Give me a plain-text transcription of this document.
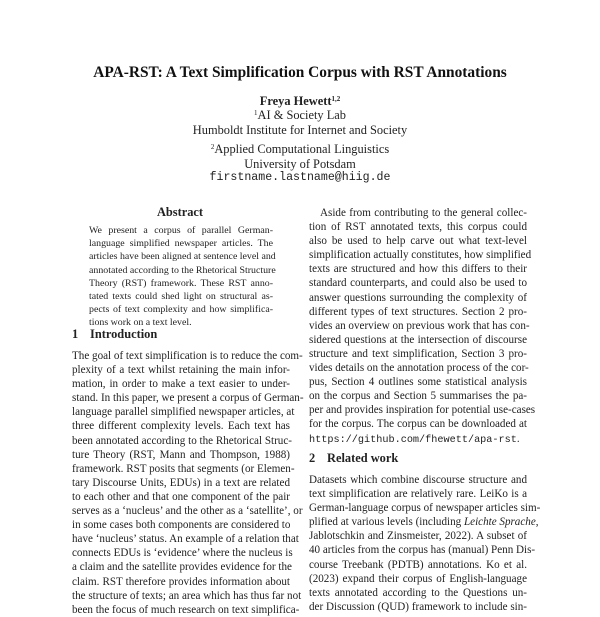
APA-RST: A Text Simplification Corpus with RST Annotations
Freya Hewett$^{1,2}$
$^1$AI & Society Lab
Humboldt Institute for Internet and Society
$^2$Applied Computational Linguistics
University of Potsdam
firstname.lastname@hiig.de
Abstract
We present a corpus of parallel German-
language simplified newspaper articles. The
articles have been aligned at sentence level and
annotated according to the Rhetorical Structure
Theory (RST) framework. These RST anno-
tated texts could shed light on structural as-
pects of text complexity and how simplifica-
tions work on a text level.
1 Introduction
The goal of text simplification is to reduce the com-
plexity of a text whilst retaining the main infor-
mation, in order to make a text easier to under-
stand. In this paper, we present a corpus of German-
language parallel simplified newspaper articles, at
three different complexity levels. Each text has
been annotated according to the Rhetorical Struc-
ture Theory (RST, Mann and Thompson, 1988)
framework. RST posits that segments (or Elemen-
tary Discourse Units, EDUs) in a text are related
to each other and that one component of the pair
serves as a ‘nucleus’ and the other as a ‘satellite’, or
in some cases both components are considered to
have ‘nucleus’ status. An example of a relation that
connects EDUs is ‘evidence’ where the nucleus is
a claim and the satellite provides evidence for the
claim. RST therefore provides information about
the structure of texts; an area which has thus far not
been the focus of much research on text simplifica-
Aside from contributing to the general collec-
tion of RST annotated texts, this corpus could
also be used to help carve out what text-level
simplification actually constitutes, how simplified
texts are structured and how this differs to their
standard counterparts, and could also be used to
answer questions surrounding the complexity of
different types of text structures. Section 2 pro-
vides an overview on previous work that has con-
sidered questions at the intersection of discourse
structure and text simplification, Section 3 pro-
vides details on the annotation process of the cor-
pus, Section 4 outlines some statistical analysis
on the corpus and Section 5 summarises the pa-
per and provides inspiration for potential use-cases
for the corpus. The corpus can be downloaded at
https://github.com/fhewett/apa-rst.
2 Related work
Datasets which combine discourse structure and
text simplification are relatively rare. LeiKo is a
German-language corpus of newspaper articles sim-
plified at various levels (including Leichte Sprache,
Jablotschkin and Zinsmeister, 2022). A subset of
40 articles from the corpus has (manual) Penn Dis-
course Treebank (PDTB) annotations. Ko et al.
(2023) expand their corpus of English-language
texts annotated according to the Questions un-
der Discussion (QUD) framework to include sin-
